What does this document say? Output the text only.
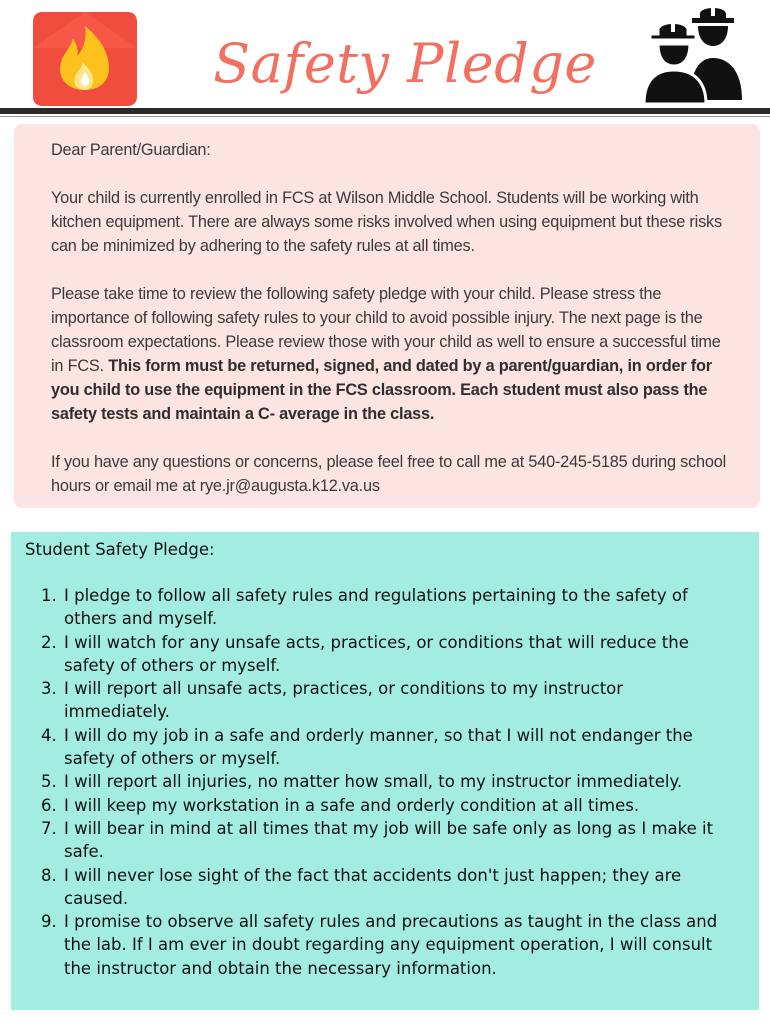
Safety Pledge

Dear Parent/Guardian:

Your child is currently enrolled in FCS at Wilson Middle School. Students will be working with kitchen equipment. There are always some risks involved when using equipment but these risks can be minimized by adhering to the safety rules at all times.

Please take time to review the following safety pledge with your child. Please stress the importance of following safety rules to your child to avoid possible injury. The next page is the classroom expectations. Please review those with your child as well to ensure a successful time in FCS. This form must be returned, signed, and dated by a parent/guardian, in order for you child to use the equipment in the FCS classroom. Each student must also pass the safety tests and maintain a C- average in the class.

If you have any questions or concerns, please feel free to call me at 540-245-5185 during school hours or email me at rye.jr@augusta.k12.va.us

Student Safety Pledge:
1. I pledge to follow all safety rules and regulations pertaining to the safety of others and myself.
2. I will watch for any unsafe acts, practices, or conditions that will reduce the safety of others or myself.
3. I will report all unsafe acts, practices, or conditions to my instructor immediately.
4. I will do my job in a safe and orderly manner, so that I will not endanger the safety of others or myself.
5. I will report all injuries, no matter how small, to my instructor immediately.
6. I will keep my workstation in a safe and orderly condition at all times.
7. I will bear in mind at all times that my job will be safe only as long as I make it safe.
8. I will never lose sight of the fact that accidents don't just happen; they are caused.
9. I promise to observe all safety rules and precautions as taught in the class and the lab. If I am ever in doubt regarding any equipment operation, I will consult the instructor and obtain the necessary information.
